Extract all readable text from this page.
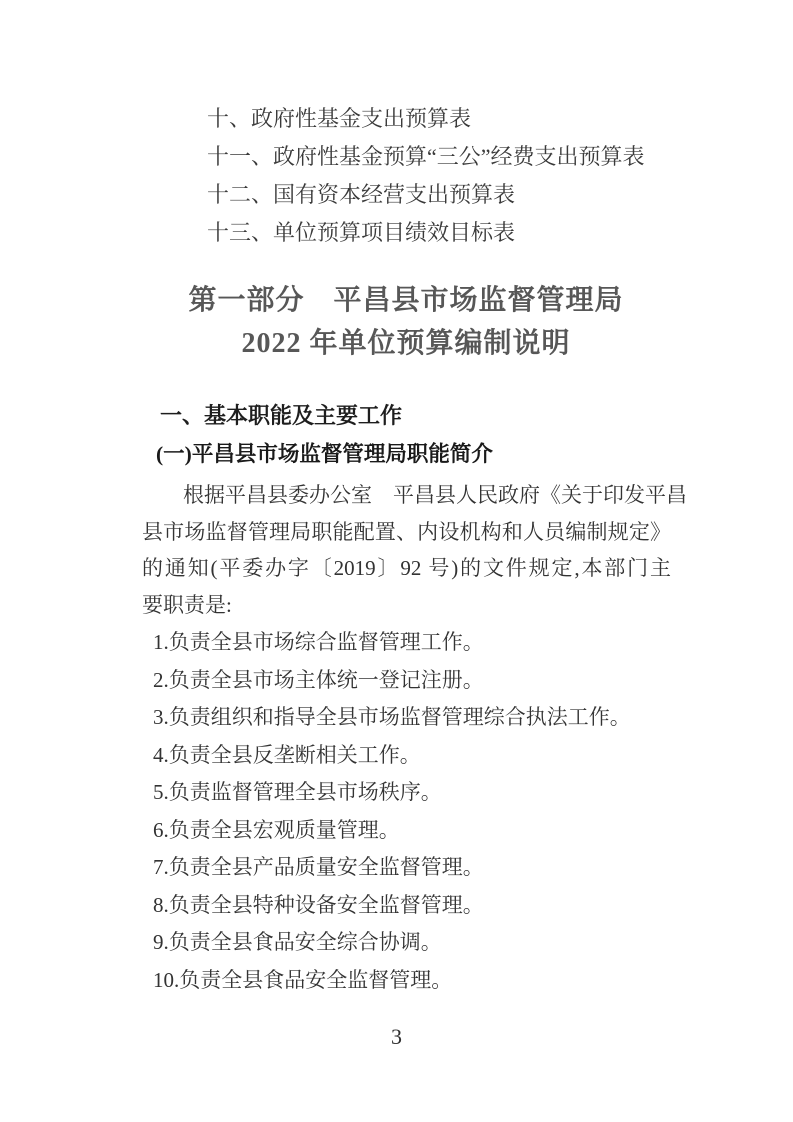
十、政府性基金支出预算表
十一、政府性基金预算“三公”经费支出预算表
十二、国有资本经营支出预算表
十三、单位预算项目绩效目标表
第一部分　平昌县市场监督管理局
2022 年单位预算编制说明
一、基本职能及主要工作
(一)平昌县市场监督管理局职能简介
根据平昌县委办公室　平昌县人民政府《关于印发平昌
县市场监督管理局职能配置、内设机构和人员编制规定》
的通知(平委办字〔2019〕92 号)的文件规定,本部门主
要职责是:
1.负责全县市场综合监督管理工作。
2.负责全县市场主体统一登记注册。
3.负责组织和指导全县市场监督管理综合执法工作。
4.负责全县反垄断相关工作。
5.负责监督管理全县市场秩序。
6.负责全县宏观质量管理。
7.负责全县产品质量安全监督管理。
8.负责全县特种设备安全监督管理。
9.负责全县食品安全综合协调。
10.负责全县食品安全监督管理。
3
